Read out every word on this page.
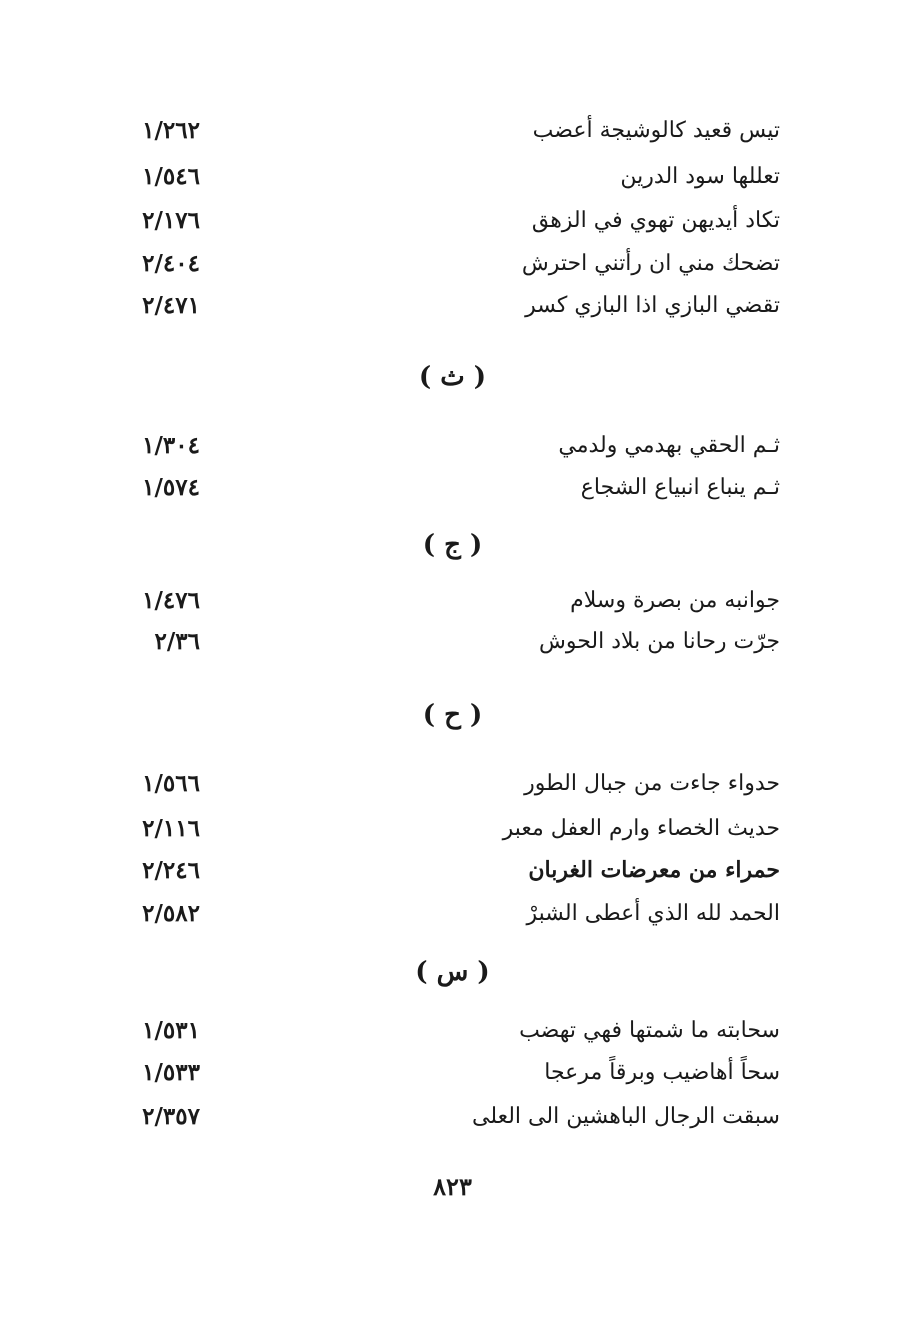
١/٢٦٢	تيس قعيد كالوشيجة أعضب
١/٥٤٦	تعللها سود الدرين
٢/١٧٦	تكاد أيديهن تهوي في الزهق
٢/٤٠٤	تضحك مني ان رأتني احترش
٢/٤٧١	تقضي البازي اذا البازي كسر
( ث )
١/٣٠٤	ثـم الحقي بهدمي ولدمي
١/٥٧٤	ثـم ينباع انبياع الشجاع
( ج )
١/٤٧٦	جوانبه من بصرة وسلام
٢/٣٦	جرّت رحانا من بلاد الحوش
( ح )
١/٥٦٦	حدواء جاءت من جبال الطور
٢/١١٦	حديث الخصاء وارم العفل معبر
٢/٢٤٦	حمراء من معرضات الغربان
٢/٥٨٢	الحمد لله الذي أعطى الشبرْ
( س )
١/٥٣١	سحابته ما شمتها فهي تهضب
١/٥٣٣	سحاً أهاضيب وبرقاً مرعجا
٢/٣٥٧	سبقت الرجال الباهشين الى العلى
٨٢٣
